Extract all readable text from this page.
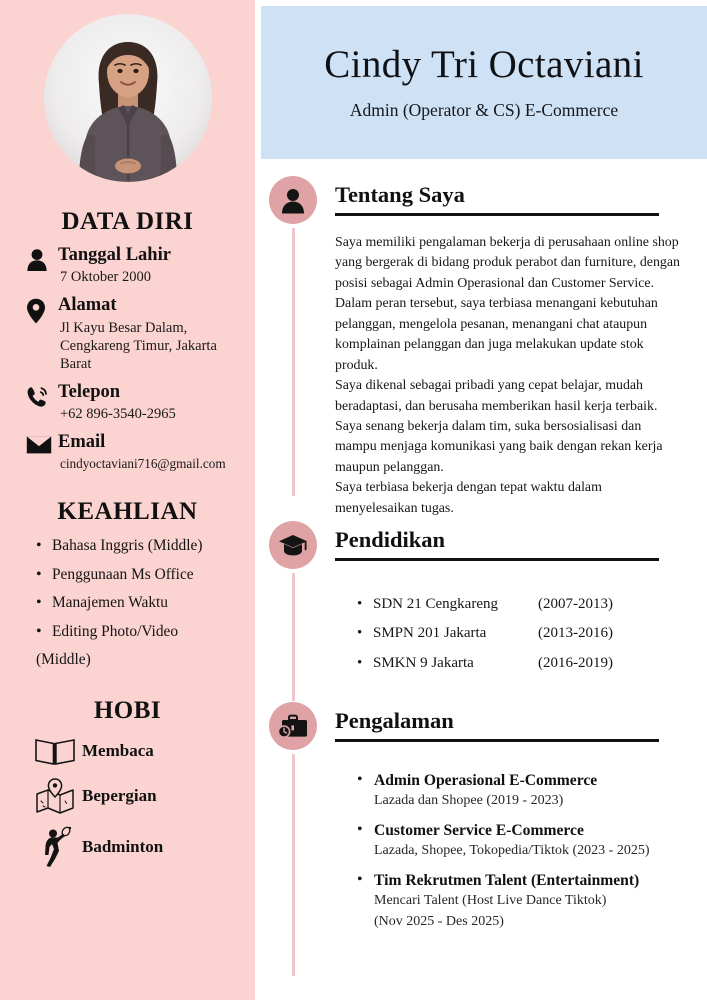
DATA DIRI
Tanggal Lahir
7 Oktober 2000
Alamat
Jl Kayu Besar Dalam, Cengkareng Timur, Jakarta Barat
Telepon
+62 896-3540-2965
Email
cindyoctaviani716@gmail.com
KEAHLIAN
• Bahasa Inggris (Middle)
• Penggunaan Ms Office
• Manajemen Waktu
• Editing Photo/Video
(Middle)
HOBI
Membaca
Bepergian
Badminton
Cindy Tri Octaviani
Admin (Operator & CS) E-Commerce
Tentang Saya

Saya memiliki pengalaman bekerja di perusahaan online shop yang bergerak di bidang produk perabot dan furniture, dengan posisi sebagai Admin Operasional dan Customer Service.

Dalam peran tersebut, saya terbiasa menangani kebutuhan pelanggan, mengelola pesanan, menangani chat ataupun komplainan pelanggan dan juga melakukan update stok produk.

Saya dikenal sebagai pribadi yang cepat belajar, mudah beradaptasi, dan berusaha memberikan hasil kerja terbaik. Saya senang bekerja dalam tim, suka bersosialisasi dan mampu menjaga komunikasi yang baik dengan rekan kerja maupun pelanggan.

Saya terbiasa bekerja dengan tepat waktu dalam menyelesaikan tugas.

Pendidikan
• SDN 21 Cengkareng	(2007-2013)
• SMPN 201 Jakarta	(2013-2016)
• SMKN 9 Jakarta	(2016-2019)
Pengalaman
• Admin Operasional E-Commerce
Lazada dan Shopee (2019 - 2023)
• Customer Service E-Commerce
Lazada, Shopee, Tokopedia/Tiktok (2023 - 2025)
• Tim Rekrutmen Talent (Entertainment)
Mencari Talent (Host Live Dance Tiktok)
(Nov 2025 - Des 2025)
